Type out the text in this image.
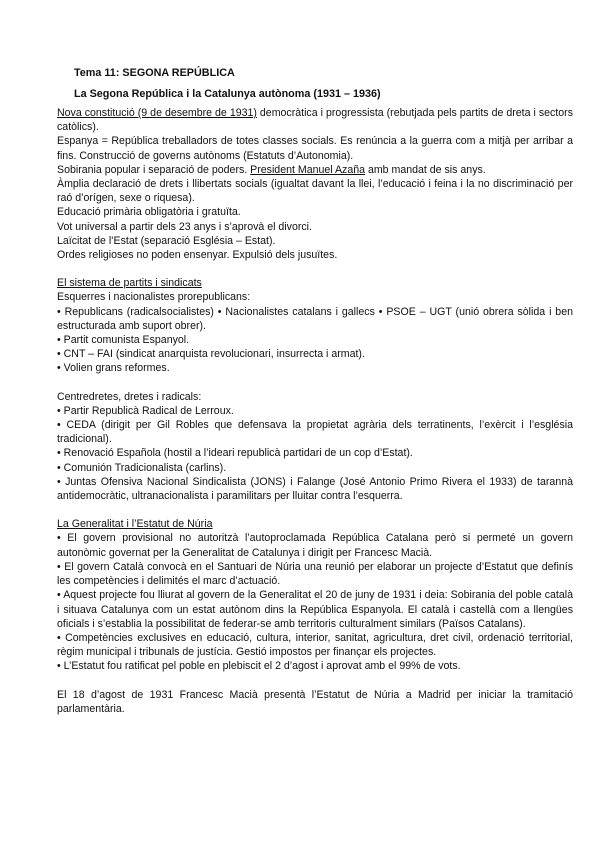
Tema 11: SEGONA REPÚBLICA
La Segona República i la Catalunya autònoma (1931 – 1936)

Nova constitució (9 de desembre de 1931) democràtica i progressista (rebutjada pels partits de dreta i sectors catòlics).

Espanya = República treballadors de totes classes socials. Es renúncia a la guerra com a mitjà per arribar a fins. Construcció de governs autònoms (Estatuts d’Autonomia).

Sobirania popular i separació de poders. President Manuel Azaña amb mandat de sis anys.

Àmplia declaració de drets i llibertats socials (igualtat davant la llei, l’educació i feina i la no discriminació per raó d’orígen, sexe o riquesa).

Educació primària obligatòria i gratuïta.

Vot universal a partir dels 23 anys i s’aprovà el divorci.

Laïcitat de l’Estat (separació Església – Estat).

Ordes religioses no poden ensenyar. Expulsió dels jusuïtes.

El sistema de partits i sindicats

Esquerres i nacionalistes prorepublicans:

• Republicans (radicalsocialistes) • Nacionalistes catalans i gallecs • PSOE – UGT (unió obrera sòlida i ben estructurada amb suport obrer).

• Partit comunista Espanyol.

• CNT – FAI (sindicat anarquista revolucionari, insurrecta i armat).

• Volien grans reformes.

Centredretes, dretes i radicals:

• Partir Republicà Radical de Lerroux.

• CEDA (dirigit per Gil Robles que defensava la propietat agrària dels terratinents, l’exèrcit i l’església tradicional).

• Renovació Española (hostil a l’ideari republicà partidari de un cop d’Estat).

• Comunión Tradicionalista (carlins).

• Juntas Ofensiva Nacional Sindicalista (JONS) i Falange (José Antonio Primo Rivera el 1933) de tarannà antidemocràtic, ultranacionalista i paramilitars per lluitar contra l’esquerra.

La Generalitat i l’Estatut de Núria

• El govern provisional no autoritzà l’autoproclamada República Catalana però si permeté un govern autonòmic governat per la Generalitat de Catalunya i dirigit per Francesc Macià.

• El govern Català convocà en el Santuari de Núria una reunió per elaborar un projecte d’Estatut que definís les competències i delimités el marc d’actuació.

• Aquest projecte fou lliurat al govern de la Generalitat el 20 de juny de 1931 i deia: Sobirania del poble català i situava Catalunya com un estat autònom dins la República Espanyola. El català i castellà com a llengües oficials i s’establia la possibilitat de federar-se amb territoris culturalment similars (Països Catalans).

• Competències exclusives en educació, cultura, interior, sanitat, agricultura, dret civil, ordenació territorial, règim municipal i tribunals de justícia. Gestió impostos per finançar els projectes.

• L’Estatut fou ratificat pel poble en plebiscit el 2 d’agost i aprovat amb el 99% de vots.

El 18 d’agost de 1931 Francesc Macià presentà l’Estatut de Núria a Madrid per iniciar la tramitació parlamentària.
